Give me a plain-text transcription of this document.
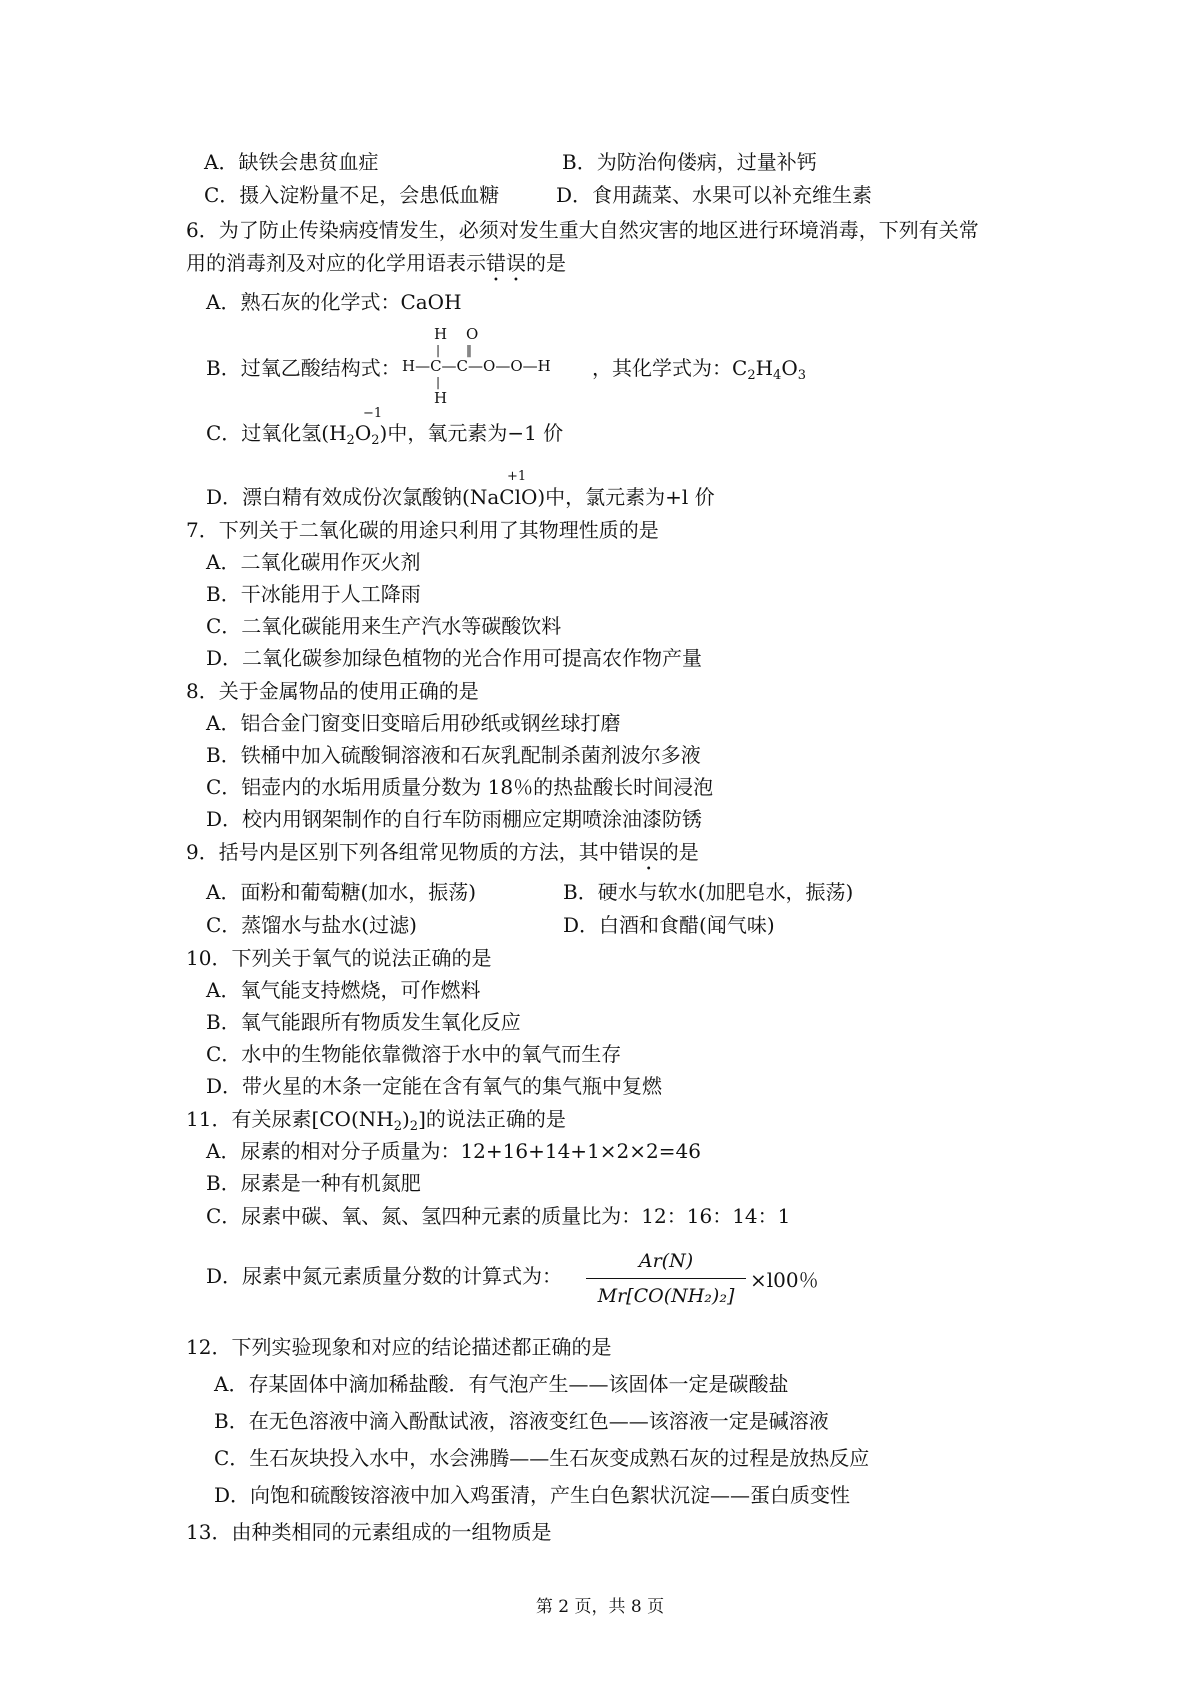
A．缺铁会患贫血症	B．为防治佝偻病，过量补钙
C．摄入淀粉量不足，会患低血糖	D．食用蔬菜、水果可以补充维生素
6．为了防止传染病疫情发生，必须对发生重大自然灾害的地区进行环境消毒，下列有关常
用的消毒剂及对应的化学用语表示错误的是
A．熟石灰的化学式：CaOH
B．过氧乙酸结构式：
H O
| ‖
H—C—C—O—O—H
|
H
，其化学式为：$C_2H_4O_3$
−1
C．过氧化氢$(H_2O_2)$中，氧元素为−1 价
+1
D．漂白精有效成份次氯酸钠(NaClO)中，氯元素为+l 价
7．下列关于二氧化碳的用途只利用了其物理性质的是
A．二氧化碳用作灭火剂
B．干冰能用于人工降雨
C．二氧化碳能用来生产汽水等碳酸饮料
D．二氧化碳参加绿色植物的光合作用可提高农作物产量
8．关于金属物品的使用正确的是
A．铝合金门窗变旧变暗后用砂纸或钢丝球打磨
B．铁桶中加入硫酸铜溶液和石灰乳配制杀菌剂波尔多液
C．铝壶内的水垢用质量分数为 18％的热盐酸长时间浸泡
D．校内用钢架制作的自行车防雨棚应定期喷涂油漆防锈
9．括号内是区别下列各组常见物质的方法，其中错误的是
A．面粉和葡萄糖(加水，振荡)	B．硬水与软水(加肥皂水，振荡)
C．蒸馏水与盐水(过滤)	D．白酒和食醋(闻气味)
10．下列关于氧气的说法正确的是
A．氧气能支持燃烧，可作燃料
B．氧气能跟所有物质发生氧化反应
C．水中的生物能依靠微溶于水中的氧气而生存
D．带火星的木条一定能在含有氧气的集气瓶中复燃
11．有关尿素$[CO(NH_2)_2]$的说法正确的是
A．尿素的相对分子质量为：12+16+14+1×2×2=46
B．尿素是一种有机氮肥
C．尿素中碳、氧、氮、氢四种元素的质量比为：12：16：14：1
D．尿素中氮元素质量分数的计算式为：
Ar(N)
Mr[CO(NH₂)₂]
×l00％
12．下列实验现象和对应的结论描述都正确的是
A．存某固体中滴加稀盐酸．有气泡产生——该固体一定是碳酸盐
B．在无色溶液中滴入酚酞试液，溶液变红色——该溶液一定是碱溶液
C．生石灰块投入水中，水会沸腾——生石灰变成熟石灰的过程是放热反应
D．向饱和硫酸铵溶液中加入鸡蛋清，产生白色絮状沉淀——蛋白质变性
13．由种类相同的元素组成的一组物质是
第 2 页，共 8 页
